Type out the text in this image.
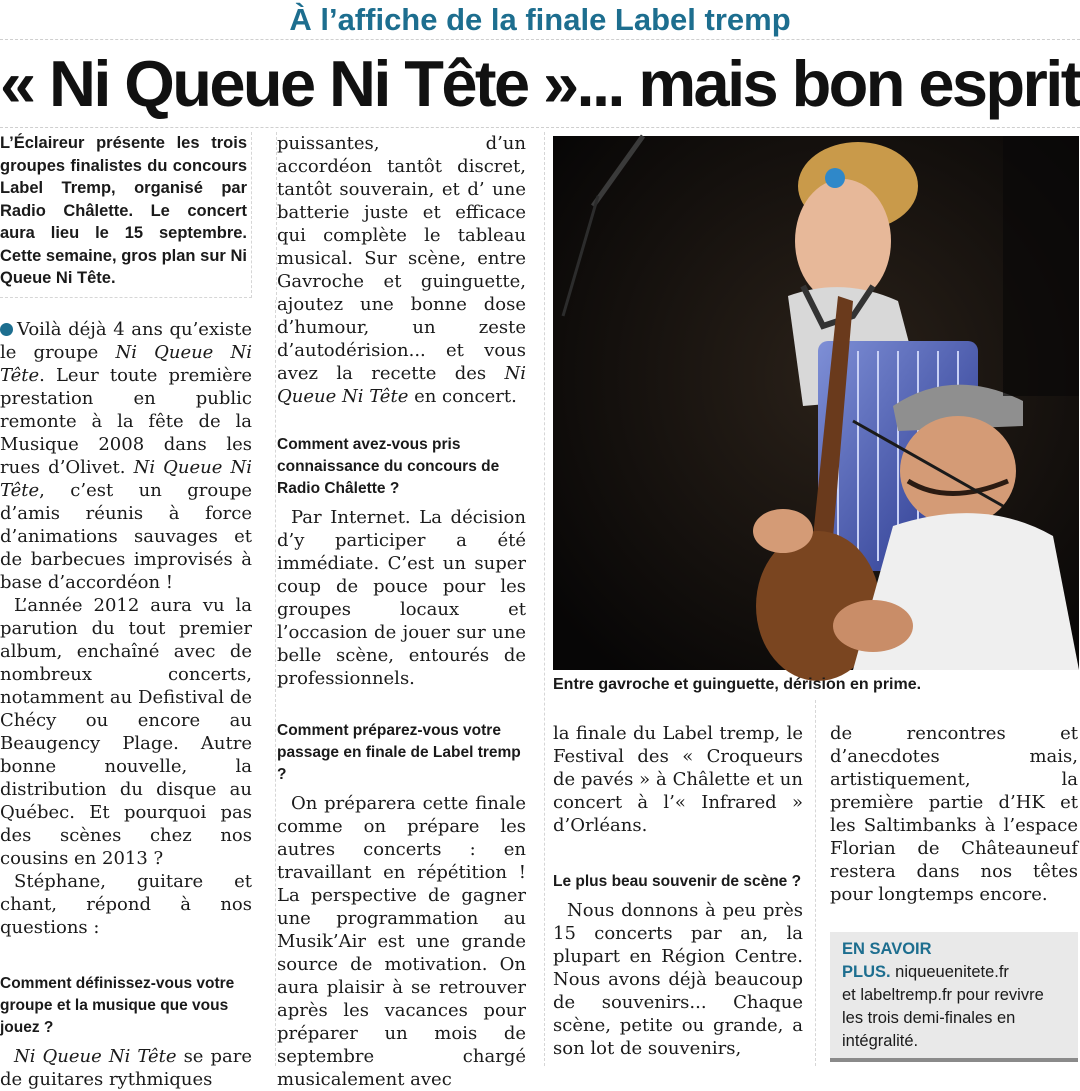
À l’affiche de la finale Label tremp
« Ni Queue Ni Tête »... mais bon esprit
L’Éclaireur présente les trois groupes finalistes du concours Label Tremp, organisé par Radio Châlette. Le concert aura lieu le 15 septembre. Cette semaine, gros plan sur Ni Queue Ni Tête.

Voilà déjà 4 ans qu’existe le groupe Ni Queue Ni Tête. Leur toute première prestation en public remonte à la fête de la Musique 2008 dans les rues d’Olivet. Ni Queue Ni Tête, c’est un groupe d’amis réunis à force d’animations sauvages et de barbecues improvisés à base d’accordéon !

L’année 2012 aura vu la parution du tout premier album, enchaîné avec de nombreux concerts, notamment au Defistival de Chécy ou encore au Beaugency Plage. Autre bonne nouvelle, la distribution du disque au Québec. Et pourquoi pas des scènes chez nos cousins en 2013 ?

Stéphane, guitare et chant, répond à nos questions :

Comment définissez-vous votre groupe et la musique que vous jouez ?

Ni Queue Ni Tête se pare de guitares rythmiques

puissantes, d’un accordéon tantôt discret, tantôt souverain, et d’ une batterie juste et efficace qui complète le tableau musical. Sur scène, entre Gavroche et guinguette, ajoutez une bonne dose d’humour, un zeste d’autodérision... et vous avez la recette des Ni Queue Ni Tête en concert.

Comment avez-vous pris connaissance du concours de Radio Châlette ?

Par Internet. La décision d’y participer a été immédiate. C’est un super coup de pouce pour les groupes locaux et l’occasion de jouer sur une belle scène, entourés de professionnels.

Comment préparez-vous votre passage en finale de Label tremp ?

On préparera cette finale comme on prépare les autres concerts : en travaillant en répétition ! La perspective de gagner une programmation au Musik’Air est une grande source de motivation. On aura plaisir à se retrouver après les vacances pour préparer un mois de septembre chargé musicalement avec

Entre gavroche et guinguette, dérision en prime.

la finale du Label tremp, le Festival des « Croqueurs de pavés » à Châlette et un concert à l’« Infrared » d’Orléans.

Le plus beau souvenir de scène ?

Nous donnons à peu près 15 concerts par an, la plupart en Région Centre. Nous avons déjà beaucoup de souvenirs... Chaque scène, petite ou grande, a son lot de souvenirs,

de rencontres et d’anecdotes mais, artistiquement, la première partie d’HK et les Saltimbanks à l’espace Florian de Châteauneuf restera dans nos têtes pour longtemps encore.

EN SAVOIR
PLUS. niqueuenitete.fr
et labeltremp.fr pour revivre les trois demi-finales en intégralité.
